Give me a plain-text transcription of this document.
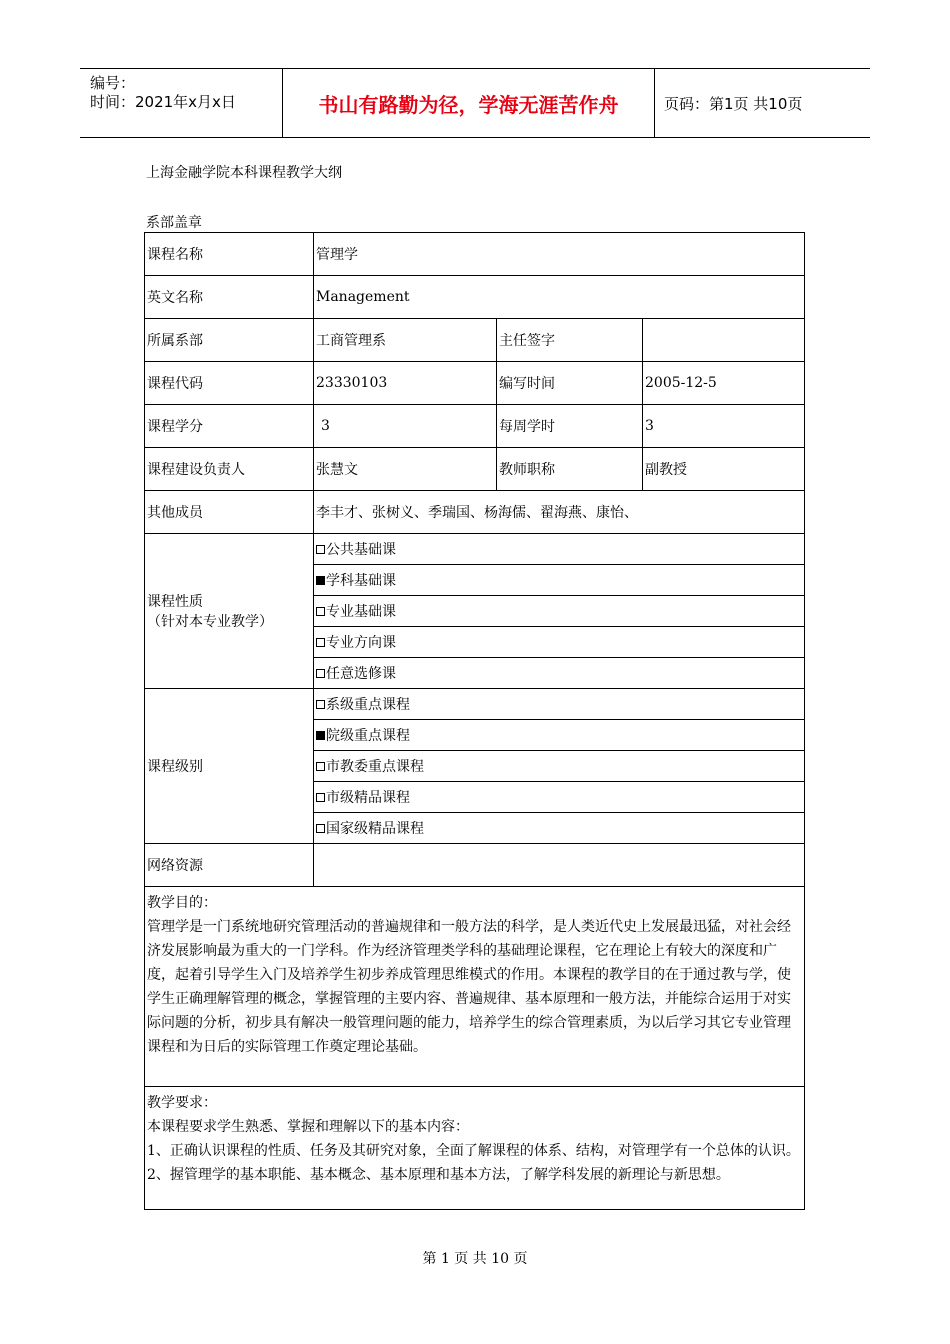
编号：
时间：2021年x月x日	书山有路勤为径，学海无涯苦作舟	页码：第1页 共10页
上海金融学院本科课程教学大纲
系部盖章
课程名称	管理学		
英文名称	Management		
所属系部	工商管理系	主任签字	
课程代码	23330103	编写时间	2005-12-5
课程学分	3	每周学时	3
课程建设负责人	张慧文	教师职称	副教授
其他成员	李丰才、张树义、季瑞国、杨海儒、翟海燕、康怡、		

课程性质
（针对本专业教学）	公共基础课		
	学科基础课		
	专业基础课		
	专业方向课		
	任意选修课		
课程级别	系级重点课程		
	院级重点课程		
	市教委重点课程		
	市级精品课程		
	国家级精品课程		
网络资源			

教学目的：
管理学是一门系统地研究管理活动的普遍规律和一般方法的科学，是人类近代史上发展最迅猛，对社会经济发展影响最为重大的一门学科。作为经济管理类学科的基础理论课程，它在理论上有较大的深度和广度，起着引导学生入门及培养学生初步养成管理思维模式的作用。本课程的教学目的在于通过教与学，使学生正确理解管理的概念，掌握管理的主要内容、普遍规律、基本原理和一般方法，并能综合运用于对实际问题的分析，初步具有解决一般管理问题的能力，培养学生的综合管理素质，为以后学习其它专业管理课程和为日后的实际管理工作奠定理论基础。			

教学要求：
本课程要求学生熟悉、掌握和理解以下的基本内容：
1、正确认识课程的性质、任务及其研究对象，全面了解课程的体系、结构，对管理学有一个总体的认识。
2、握管理学的基本职能、基本概念、基本原理和基本方法，了解学科发展的新理论与新思想。			
第 1 页 共 10 页
